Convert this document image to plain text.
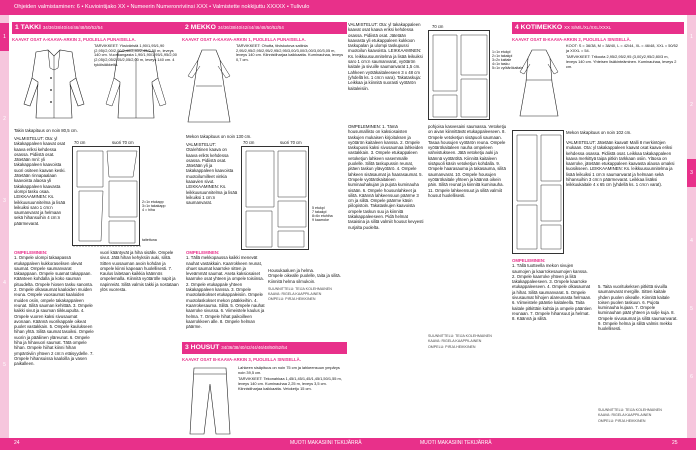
Ohjeiden valmistaminen: 6 • Kuviointijako XX • Numeerin Numeronriviinsi XXX • Valmistette nokkijuttu XXXXX • Tulivulo
1
2
3
4
5
1
2
3
4
5
6
1 TAKKI 34/36/38/40/44/46/48/50/52/54
KAAVAT OSAT A-KAAVA-ARKIN 2, PUOLELLA PUNAISELLA.
TARVIKKEET: Yksiväristä 1,90/1,95/1,90 (2,95)/2,00/2,00/2,40/2,40/2,45/2,50 m, leveys 140 cm. Vuorikangasta 1,90/1,90/1,95/1,95/2,00 (2,05)/2,05/2,05/2,05/2,00 m, leveys 140 cm. 4 tyköisiäkkeitä.
Takin takapituus on noin 80,5 cm.
VALMISTELUT: Ota: yl takakappaleen kaavat osat kaava eriksi kehdessa osassa. Pidiistä osat. Jätetään mnl: yli takakappaleen kaavoista suori ositeen kaavan keski. Jätetään rinnapaalaan kaavoista alaosa yli takakappaleen kaavasta ulompi tasku osaa. LEIKKAAMINEN: Ks. leikkuusuunnitelma ja lisää leikuiksi saro 1 cm:n saumanvarat ja helmaan sekä hihansuihin 4 cm:n päärmevarat.
70 cm	suori 70 cm
2=1x etukapp
3=1x takakapp
4 = hiha
taitettuna
OMPELEMINEN:
1. Ompele ulompi takaapassä etukappaleen kukkoraselisen olevat saumat. Ompele saumanvarat takaappaan. Ompele suamat takappaan. Käänteen kohdalla ja koko sauman pituudelta. Ompele hiosen tasku sanonta. 2. Ompele olkasaumat kaaloiden muiden reuna. Ompele vuosaumat kaaloiden muiden osiin, ompele takakappaleen reunat. Silitä sauman kehittää. 3. Ompele kaikki sivut ja sauman tiikkuupulta. 4. Ompele vuoren kaksi sivusaumat avonaan. Käännä vuorikappale oikeat puolet vastakkain. 5. Ompele kaulukseen hihan yhtä. Silitä saumat tasoiksi. Ompele vuorin ja pääliinen yläreunat. 6. Ompele hiha ja hihavuori saumat. Tätä ompele hihan. Ompele hiihat kiinni hihan ympäröiviin yhteen 2 cm:n etäisyydelle. 7. Ompele hihansuissa kaaloilla ja vasen paikalleen.
vuori kääntyvät ja hiha sisälle. Ompele sivut. Jätä hihan kehyksiin auki, silitä. Sitten vuosauman avoin kohdan ja ompele kiinni kapeaan huolellisesti. 7. Kaulus laitetaan kaikkia käännös ompelemalla. Kiinnitä vyötärölle napit ja napinreiät. Silitä valmis takki ja nostataan ylös vuoresta.
2 MEKKO 34/36/38/40/42/44/46/48/50/52/54
KAAVAT OSAT A-KAAVA-ARKIN 1, PUOLELLA PUNAISELLA.
TARVIKKEET: Ohutta, tiiviskutova satiinia 2,95/2,95/2,95/2,95/2,95/2,95/3,00/3,00/3,00/3,00/3,05 m, leveys 140 cm. Kiinnistiharjaa kaikkaatta. Kuminauhaa, leveys 0,7 cm.
Mekon takapituus on noin 130 cm.
VALMISTELUT: Ota/ehtinen kaava on kaava erikts kehdessa osassa. Pidiistä osat. Jätetään yli ja takakappaleen kaavoista muotoilumilleet vinkia kaaavien sivut. LEIKKAAMINEN: Ks. leikkuusuunnitelma ja lisää leikuiksi 1 cm:n saumanvarat.
70 cm	suori 70 cm
5 etukpl
7 takakpl
8=6x etuhiha
9 kaarroke
OMPELEMINEN:
1. Tällä mekkopaussa kaikki menevät nauhat vastakkain. Kaarrokkeen reunat, ohuet saumat kaarroke sitten ja leveämmät saumat. Aseta kaksiosaiset kaarroke osat yhteen ja ompele toisiinsa. 2. Ompele etukappale yhteen takakappaleen kanssa. 3. Ompele muotolaskokset etukappaleisiin. Ompele muotolaskokset mekon pääkkeihin. 4. Kaarrokesauma. Silitä. 5. Ompele nauhat kaarroke sivussa. 6. Viimeistele kaulus ja helma. 7. Ompele hihat paikoilleen kaarrokkeen alle. 8. Ompele helman päärme.
3 HOUSUT 34/36/38/40/42/44/46/48/50/52/54
KAAVAT OSAT B-KAAVA-ARKIN 3, PUOLELLA SINISELLÄ.
Lahkeen sisäpituus on noin 75 cm ja lahkeensuun ympärys noin 39,5 cm.
TARVIKKEET: Tekonahkaa 1,45/1,45/1,45/1,45/1,50/1,55 m, leveys 140 cm. Kuminauhaa 2,25 m, leveys 3,5 cm. Kiinnistiharjaa kaikkaatta. Vetoketju 15 cm.
Housukaaluen ja helma.
Ompele oikealle puolelle, taita ja silitä. Kiinnitä helma silmukoin.
SUUNNITTELU: TEIJA KOLEHMAINEN
KAAVA: RIGELA KAAPPILAINEN
OMPELU: PIRJA HEIKKINEN
VALMISTELUT: Ota: yl takakappaleen kaavat osat kaava eriksi kehdessa osassa. Pidiistä osat. Jätetään kaavasta yli etukappaleen kukkoon taskupalan ja ulompi taskupussi muotoilun kaavoista. LEIKKAAMINEN: Ks. leikkuusuunnitelma ja lisää leikuiksi saro 1 cm:n saumanvarat, vyötärön kaitale ja sivuille saumanvarat 1,5 cm. Lahkeen vyötäkaitaleeseen 3 x 48 cm (yhdellä ks. 1 cm:n vara). Takataskuja: Leikkaa ja kiinnitä suorasti vyötärön kaitaleisiin.
70 cm
1=1x etukpl
2=1x takakpl
3=2x kaitale
4=1x tasku
5=1x vyötärökaitale
OMPELEMINEN: 1. Tämä housumallisto on kaksiosaisten taskujen mukaisen kirjoituksen ja vyötärön kaitaleen kanssa. 2. Ompele taskupussi kaksi sivusaumaa lahkeiden vastakkain. 3. Ompele etukappaleen vetoketjun lahkeen vasemmalle puolelle. Silitä taskupussin reunat, pitäen taskun ylävyötärö. 4. Ompele lahkeen sisäsaumat ja haarasaumat. 5. Ompele vyötärökaitaleen kuminauhakujan ja pujota kuminauha sisään. 6. Ompele housunlahkeet ja silitä. Käännä lahkeensuun päärme 3 cm ja silitä. Ompele päärme käsin piilopistoin. Takataskujen kaavoista ompele taskun suu ja kiinnitä takakappaleeseen. Pidä helmat tasaisina ja silitä valmiit housut kevyesti nurjalta puolelta.
pohjoisa kasvesaini saumassa. Vetoketju on aivan kiinnittävät etukappaleeseen. 8. Ompele vetoketjun sisäpuoli saumaan. Tasaa housujen vyötärön reuna. Ompele vyötärökaitaleen nauha ompeleen vahvistukseen. Jätä vetoketju auki ja käännä vyötäröltä. Kiinnitä kaitaleen sisäpuoli käsin vetoketjun kohdalla. 9. Ompele haarasauma ja takasauma, silitä saumanvarat. 10. Ompele housujen vyötärökaitale yhteen ja käännä oikein päin. Silitä reunat ja kiinnitä kuminauha. 11. Ompele lahkeensuut ja silitä valmiit housut huolellisesti.
SUUNNITTELU: TEIJA KOLEHMAINEN
KAAVA: RIGELA KAAPPILAINEN
OMPELU: PIRJA HEIKKINEN
4 KOTIMEKKO XX S/M/L/XL/XXL/XXXL
KAAVAT OSAT B-KAAVA-ARKIN 2, PUOLELLA SINISELLÄ.
KOOT: S = 36/38, M = 38/40, L = 42/44, XL = 46/48, XXL = 50/52 ja XXXL = 54.
TARVIKKEET: Trikoota 2,95/2,95/2,95 (3,00)/2,95/2,80/3 m, leveys 140 cm. Yhteisen lisäkinteäminen. Kuminauhaa, leveys 2 cm.
Mekon takapituus on noin 102 cm.
VALMISTELUT: Jätetään kaavat! Malli 8 merkintöjen mukaan. Ota: yl takakappaleen kaavat osat kaava eriksi kehdessa osassa. Pidiistä osat. Leikkaa takakappaleen kaava merkittyä taipa pitkin tarkkaan osiin. Yläosa on kaarroke, jätetään etukappaleen kaavasta alaosa omaksi kuosikseen. LEIKKAAMINEN: Ks. leikkuusuunnitelma ja lisää leikuiksi 1 cm:n saumanvarat ja helmaan sekä hihansuihin 3 cm:n päärmevarat. Leikkaa lisäksi leikkuukaitale 4 x 65 cm (yhdellä ks. 1 cm:n varat).
OMPELEMINEN:
1. Tällä tuotteella mekon sivujen saumojen ja kaarrokesaumojen kanssa. 2. Ompele kaarroke yhteen ja liitä takakappaleeseen. 3. Ompele kaarroke etukappaleeseen. 4. Ompele olkasaumat ja hihat. Silitä saumanvarat. 5. Ompele sivusaumat hihojen alareunasta helmaan. 6. Viimeistele pääntie kaitaleella. Taita kaitale pitkittäin kahtia ja ompele pääntien reunaan. 7. Ompele hihansuut ja helmat. 8. Käännä ja silitä.
5. Taita vuoritukeksen pitkittä sivuilla saumanvarat mergille. Sitten kaitale yhden puolen oikealle. Kiinnitä kaitale toisen puolen taskuun. 6. Pujota kuminauha kujaan. 7. Ompele kuminauhan päät yhteen ja sulje kuja. 8. Ompele sivusaumat ja silitä saumanvarat. 9. Ompele helma ja silitä valmis mekko huolellisesti.
SUUNNITTELU: TEIJA KOLEHMAINEN
KAAVA: RIGELA KAAPPILAINEN
OMPELU: PIRJA HEIKKINEN
24	MUOTI MAKASIINI TEKIJÄRRÄ	MUOTI MAKASIINI TEKIJÄRRÄ	25
